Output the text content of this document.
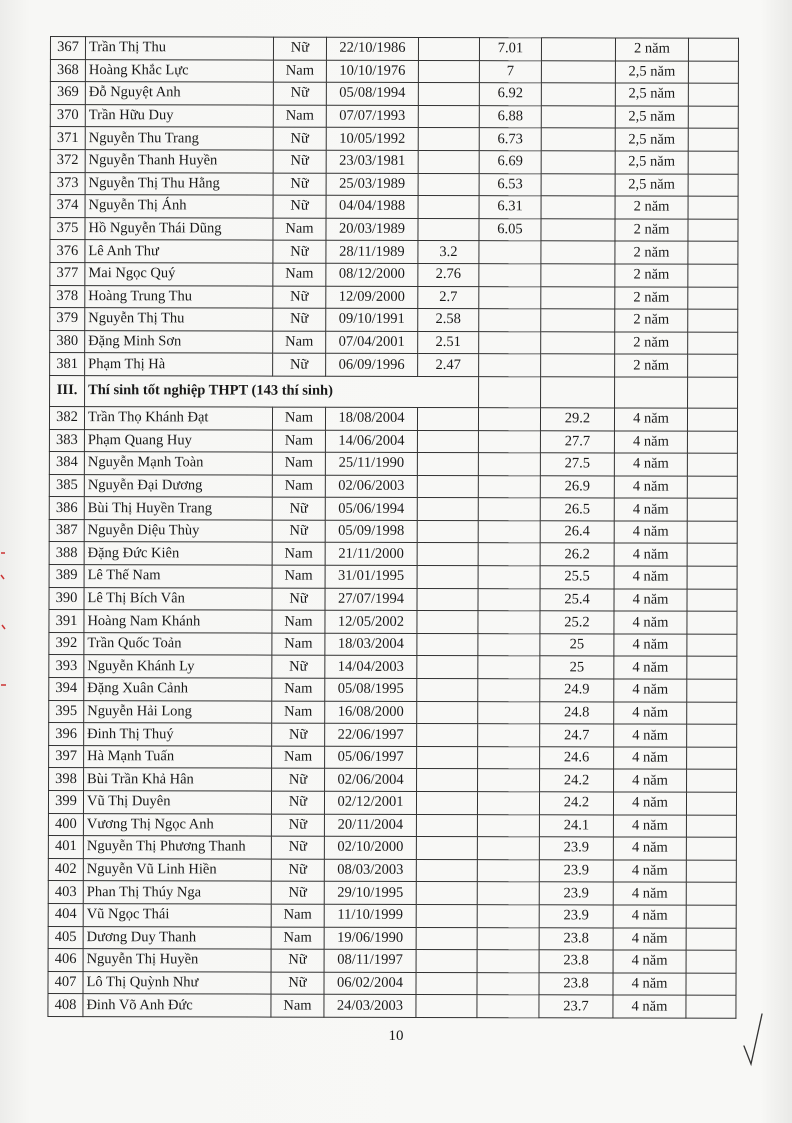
367	Trần Thị Thu	Nữ	22/10/1986		7.01		2 năm	
368	Hoàng Khắc Lực	Nam	10/10/1976		7		2,5 năm	
369	Đỗ Nguyệt Anh	Nữ	05/08/1994		6.92		2,5 năm	
370	Trần Hữu Duy	Nam	07/07/1993		6.88		2,5 năm	
371	Nguyễn Thu Trang	Nữ	10/05/1992		6.73		2,5 năm	
372	Nguyễn Thanh Huyền	Nữ	23/03/1981		6.69		2,5 năm	
373	Nguyễn Thị Thu Hằng	Nữ	25/03/1989		6.53		2,5 năm	
374	Nguyễn Thị Ánh	Nữ	04/04/1988		6.31		2 năm	
375	Hồ Nguyễn Thái Dũng	Nam	20/03/1989		6.05		2 năm	
376	Lê Anh Thư	Nữ	28/11/1989	3.2			2 năm	
377	Mai Ngọc Quý	Nam	08/12/2000	2.76			2 năm	
378	Hoàng Trung Thu	Nữ	12/09/2000	2.7			2 năm	
379	Nguyễn Thị Thu	Nữ	09/10/1991	2.58			2 năm	
380	Đặng Minh Sơn	Nam	07/04/2001	2.51			2 năm	
381	Phạm Thị Hà	Nữ	06/09/1996	2.47			2 năm	
III.	Thí sinh tốt nghiệp THPT (143 thí sinh)							
382	Trần Thọ Khánh Đạt	Nam	18/08/2004			29.2	4 năm	
383	Phạm Quang Huy	Nam	14/06/2004			27.7	4 năm	
384	Nguyễn Mạnh Toàn	Nam	25/11/1990			27.5	4 năm	
385	Nguyễn Đại Dương	Nam	02/06/2003			26.9	4 năm	
386	Bùi Thị Huyền Trang	Nữ	05/06/1994			26.5	4 năm	
387	Nguyễn Diệu Thùy	Nữ	05/09/1998			26.4	4 năm	
388	Đặng Đức Kiên	Nam	21/11/2000			26.2	4 năm	
389	Lê Thế Nam	Nam	31/01/1995			25.5	4 năm	
390	Lê Thị Bích Vân	Nữ	27/07/1994			25.4	4 năm	
391	Hoàng Nam Khánh	Nam	12/05/2002			25.2	4 năm	
392	Trần Quốc Toản	Nam	18/03/2004			25	4 năm	
393	Nguyễn Khánh Ly	Nữ	14/04/2003			25	4 năm	
394	Đặng Xuân Cảnh	Nam	05/08/1995			24.9	4 năm	
395	Nguyễn Hải Long	Nam	16/08/2000			24.8	4 năm	
396	Đinh Thị Thuý	Nữ	22/06/1997			24.7	4 năm	
397	Hà Mạnh Tuấn	Nam	05/06/1997			24.6	4 năm	
398	Bùi Trần Khả Hân	Nữ	02/06/2004			24.2	4 năm	
399	Vũ Thị Duyên	Nữ	02/12/2001			24.2	4 năm	
400	Vương Thị Ngọc Anh	Nữ	20/11/2004			24.1	4 năm	
401	Nguyễn Thị Phương Thanh	Nữ	02/10/2000			23.9	4 năm	
402	Nguyễn Vũ Linh Hiền	Nữ	08/03/2003			23.9	4 năm	
403	Phan Thị Thúy Nga	Nữ	29/10/1995			23.9	4 năm	
404	Vũ Ngọc Thái	Nam	11/10/1999			23.9	4 năm	
405	Dương Duy Thanh	Nam	19/06/1990			23.8	4 năm	
406	Nguyễn Thị Huyền	Nữ	08/11/1997			23.8	4 năm	
407	Lô Thị Quỳnh Như	Nữ	06/02/2004			23.8	4 năm	
408	Đinh Võ Anh Đức	Nam	24/03/2003			23.7	4 năm	
10
